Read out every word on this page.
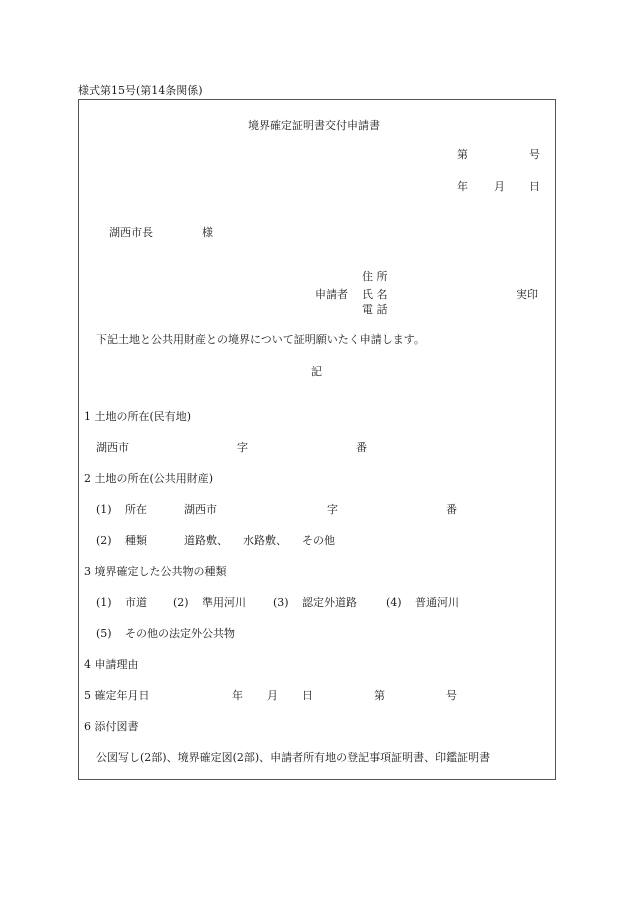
様式第15号(第14条関係)
境界確定証明書交付申請書
第	号
年 月 日
湖西市長	様
住 所
申請者 氏 名	実印
電 話
下記土地と公共用財産との境界について証明願いたく申請します。
記
1 土地の所在(民有地)
湖西市	字	番
2 土地の所在(公共用財産)
(1) 所在	湖西市	字	番
(2) 種類	道路敷、 水路敷、 その他
3 境界確定した公共物の種類
(1) 市道 (2) 準用河川 (3) 認定外道路	(4) 普通河川
(5) その他の法定外公共物
4 申請理由
5 確定年月日	年 月 日	第	号
6 添付図書
公図写し(2部)、境界確定図(2部)、申請者所有地の登記事項証明書、印鑑証明書
